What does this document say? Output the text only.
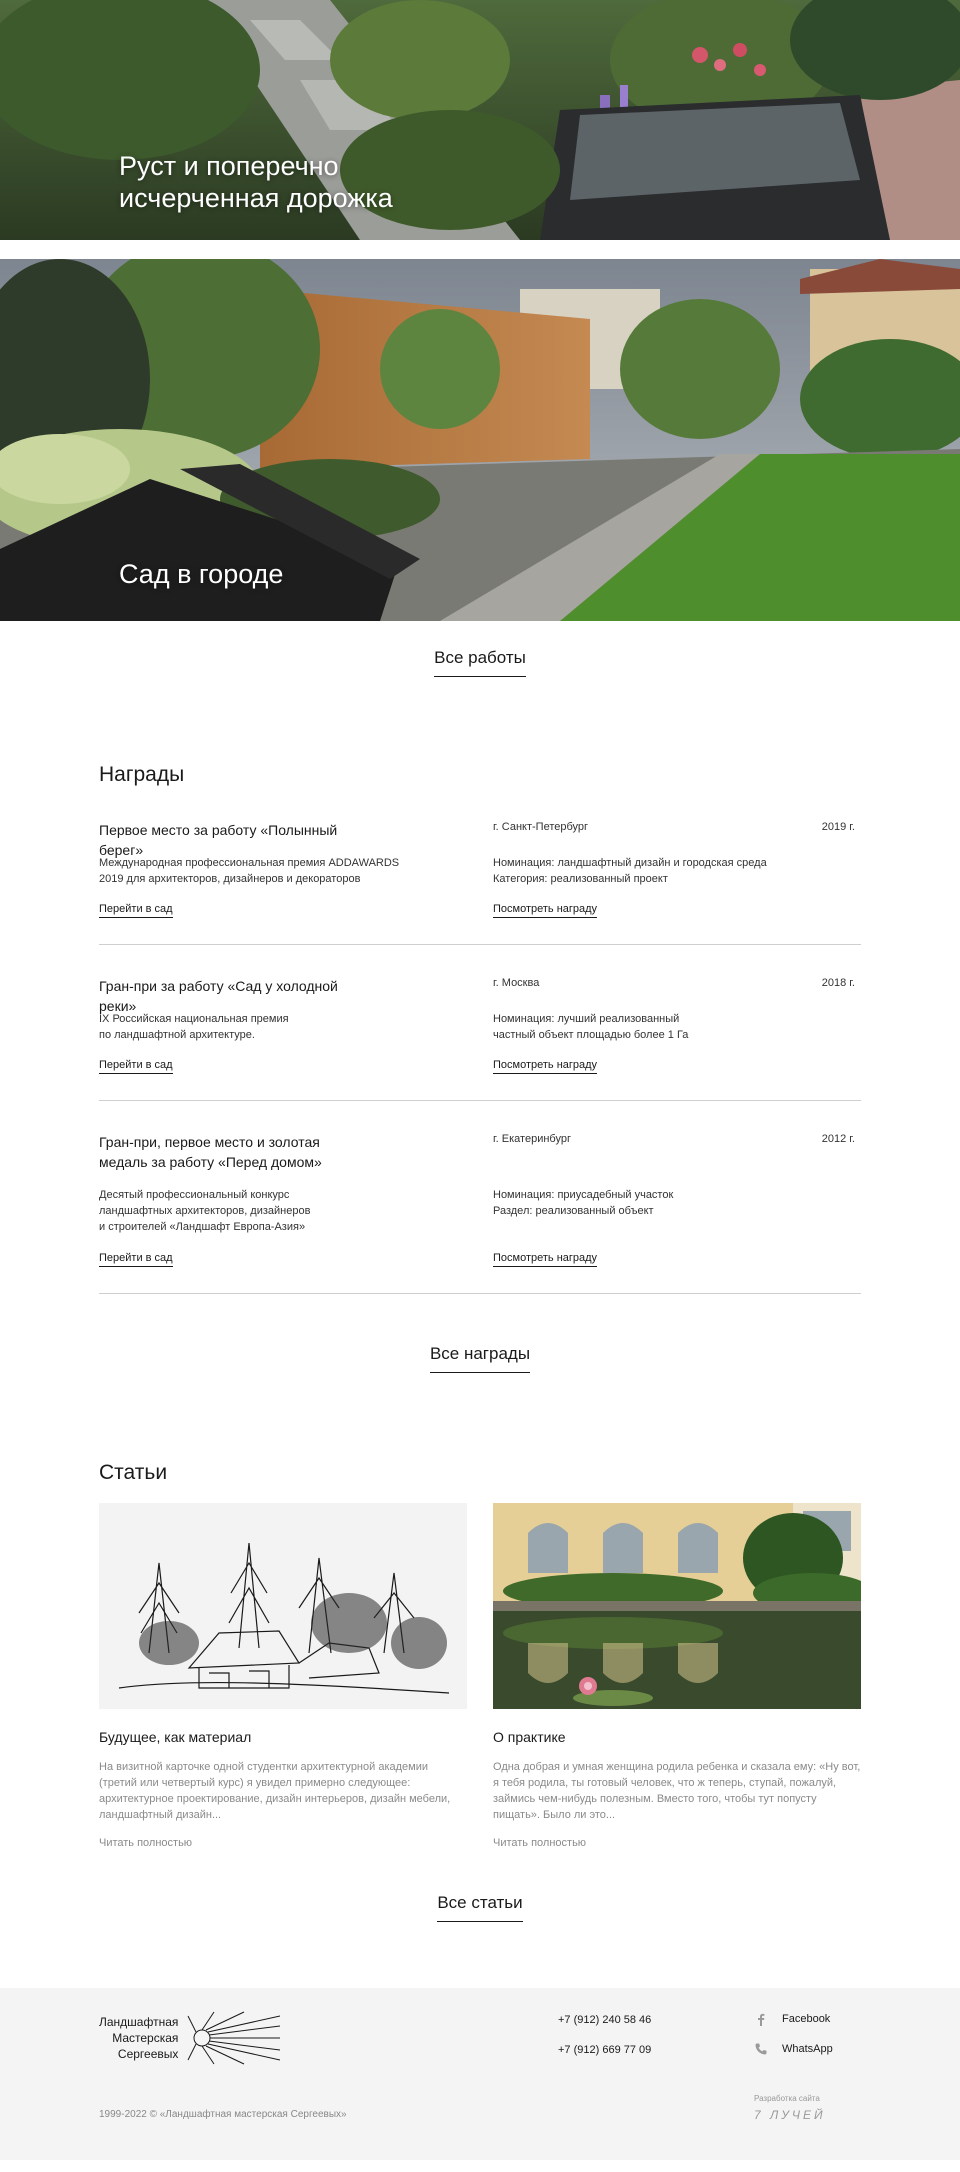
Руст и поперечно
исчерченная дорожка
Сад в городе
Все работы
Награды
Первое место за работу «Полынный берег»
г. Санкт-Петербург	2019 г.
Международная профессиональная премия ADDAWARDS
2019 для архитекторов, дизайнеров и декораторов
Номинация: ландшафтный дизайн и городская среда
Категория: реализованный проект
Перейти в сад	Посмотреть награду
Гран-при за работу «Сад у холодной реки»
г. Москва	2018 г.
IX Российская национальная премия
по ландшафтной архитектуре.
Номинация: лучший реализованный
частный объект площадью более 1 Га
Перейти в сад	Посмотреть награду
Гран-при, первое место и золотая медаль за работу «Перед домом»
г. Екатеринбург	2012 г.
Десятый профессиональный конкурс
ландшафтных архитекторов, дизайнеров
и строителей «Ландшафт Европа-Азия»
Номинация: приусадебный участок
Раздел: реализованный объект
Перейти в сад	Посмотреть награду
Все награды
Статьи
Будущее, как материал
На визитной карточке одной студентки архитектурной академии (третий или четвертый курс) я увидел примерно следующее: архитектурное проектирование, дизайн интерьеров, дизайн мебели, ландшафтный дизайн...
Читать полностью
О практике
Одна добрая и умная женщина родила ребенка и сказала ему: «Ну вот, я тебя родила, ты готовый человек, что ж теперь, ступай, пожалуй, займись чем-нибудь полезным. Вместо того, чтобы тут попусту пищать». Было ли это...
Читать полностью
Все статьи
Ландшафтная
Мастерская
Сергеевых
+7 (912) 240 58 46
+7 (912) 669 77 09
Facebook
WhatsApp
1999-2022 © «Ландшафтная мастерская Сергеевых»
Разработка сайта
7 ЛУЧЕЙ
